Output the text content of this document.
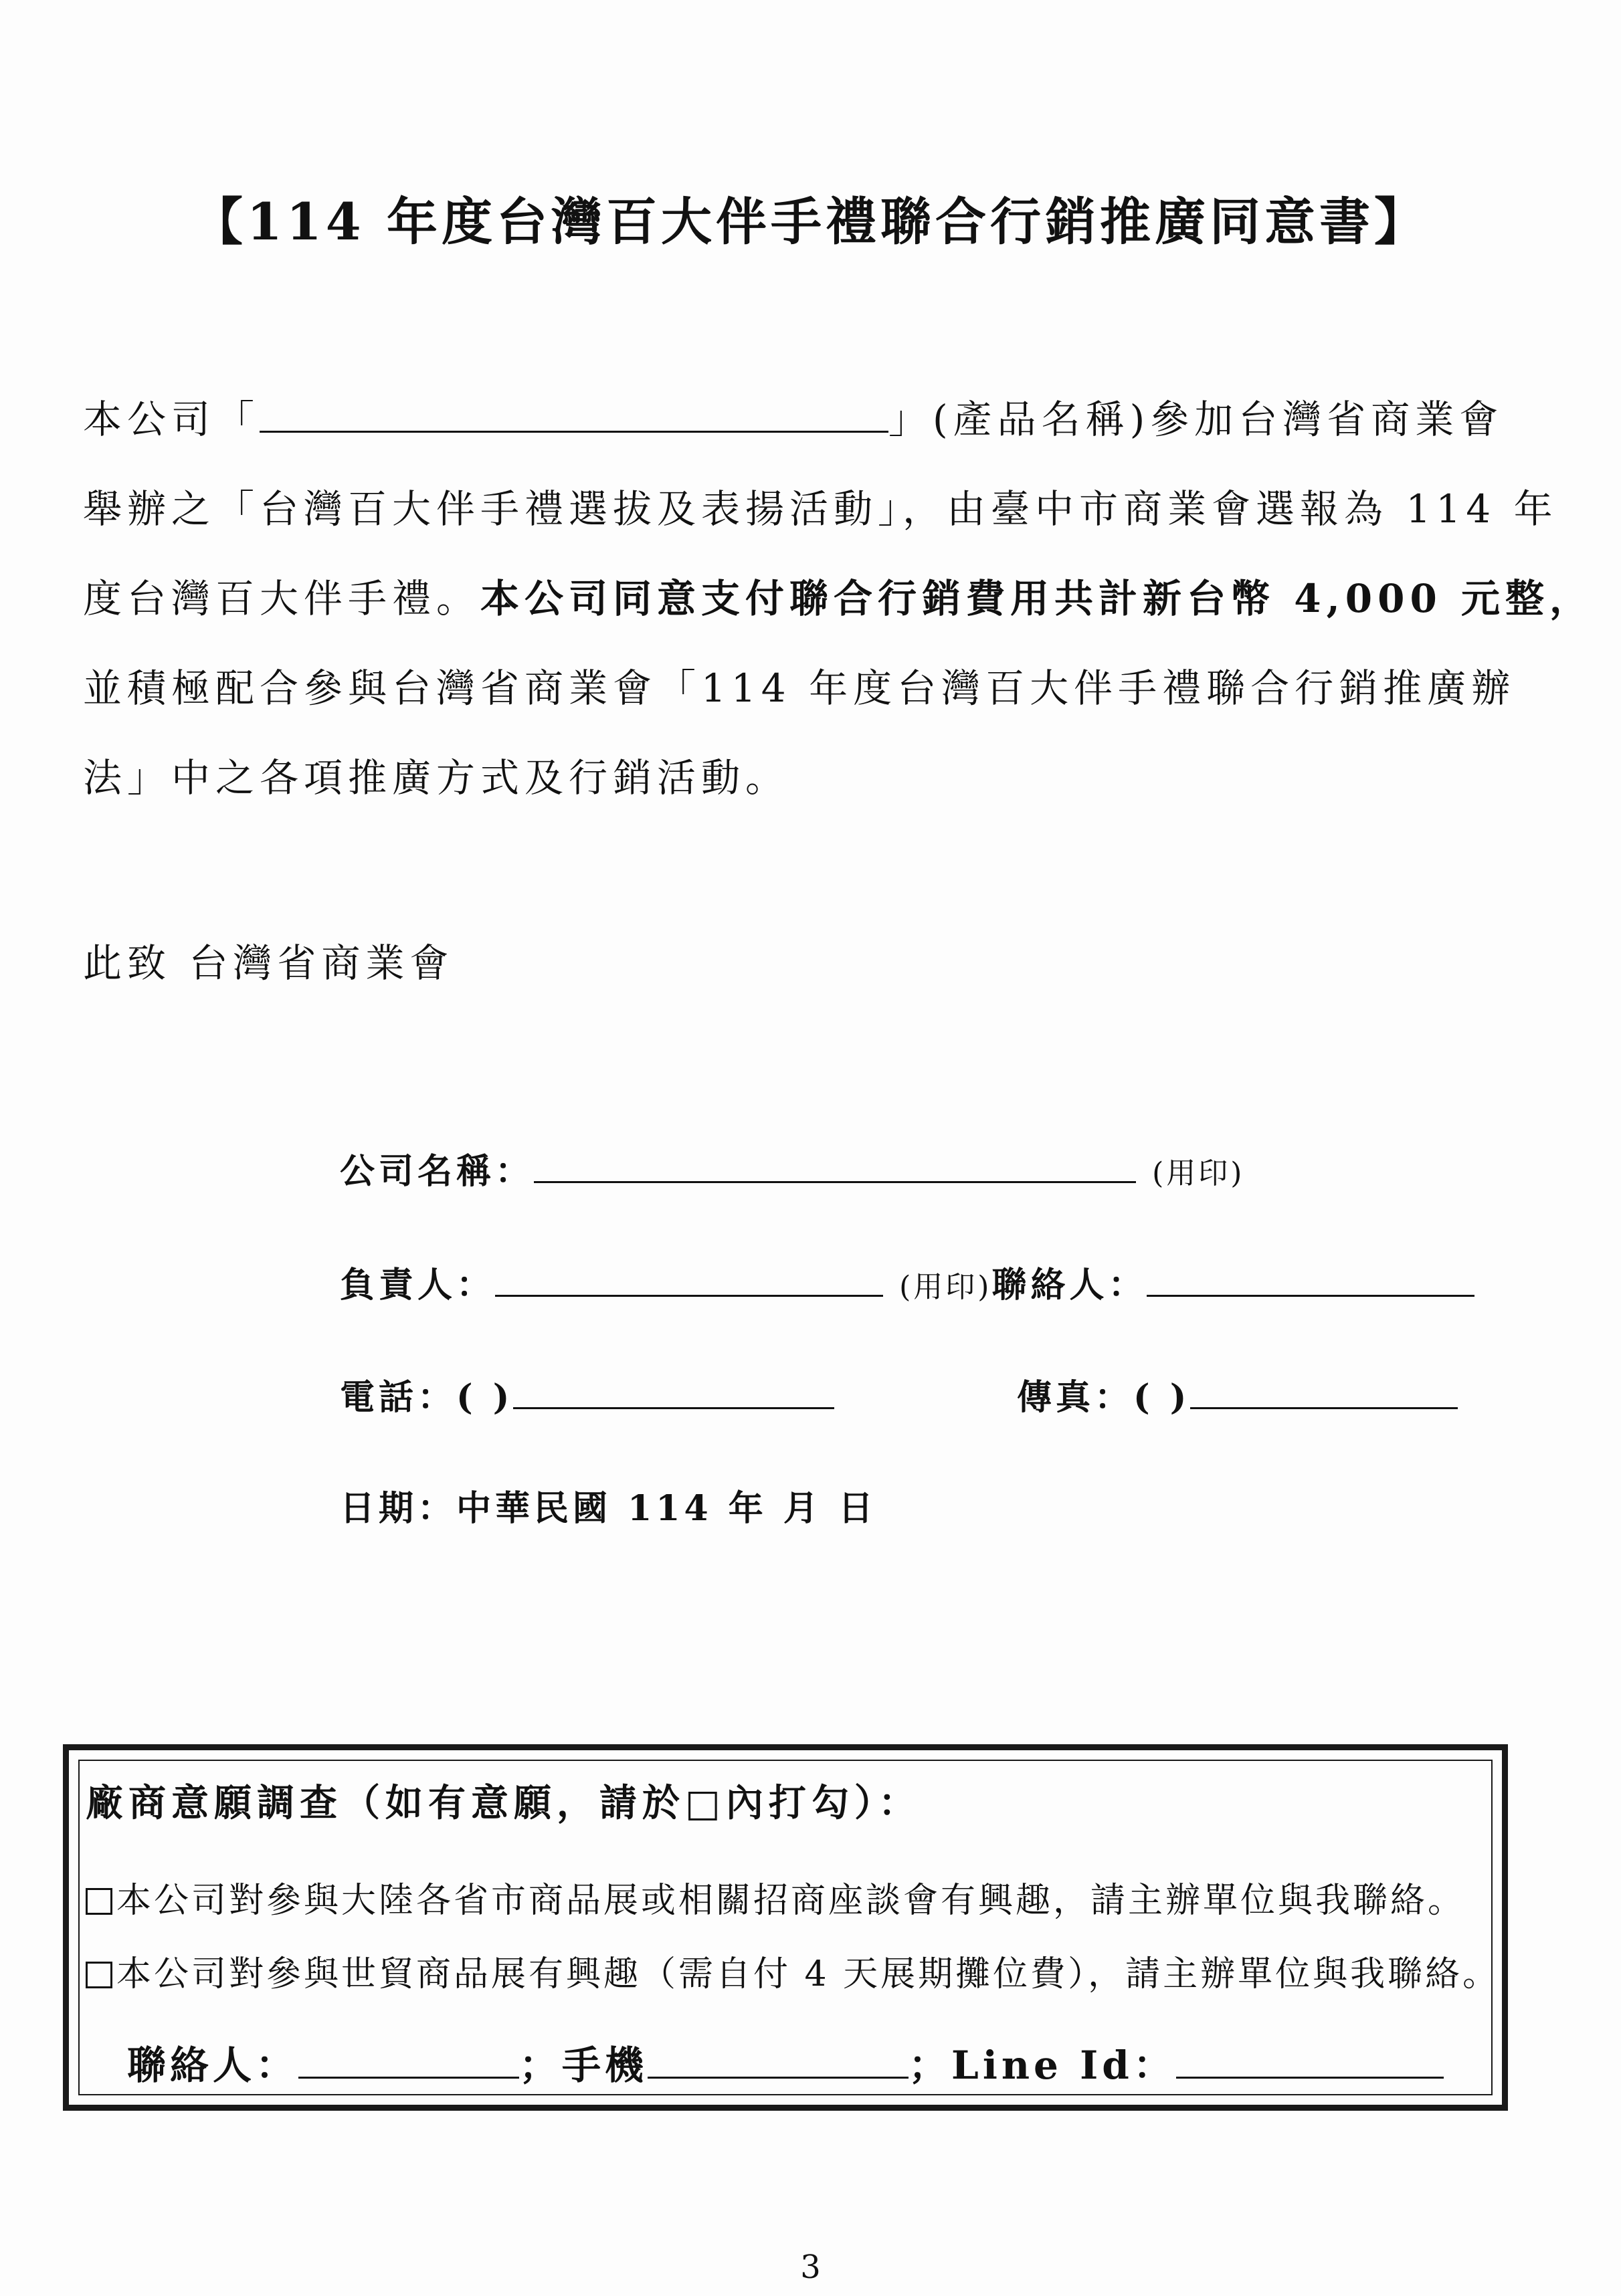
【114 年度台灣百大伴手禮聯合行銷推廣同意書】
本公司「	」(產品名稱)參加台灣省商業會
舉辦之「台灣百大伴手禮選拔及表揚活動」，由臺中市商業會選報為 114 年
度台灣百大伴手禮。本公司同意支付聯合行銷費用共計新台幣 4,000 元整，
並積極配合參與台灣省商業會「114 年度台灣百大伴手禮聯合行銷推廣辦
法」中之各項推廣方式及行銷活動。
此致 台灣省商業會
公司名稱：	(用印)
負責人：	(用印)聯絡人：
電話：( )	傳真：( )
日期：中華民國 114 年 月 日
廠商意願調查（如有意願，請於□內打勾）：
本公司對參與大陸各省市商品展或相關招商座談會有興趣，請主辦單位與我聯絡。
本公司對參與世貿商品展有興趣（需自付 4 天展期攤位費），請主辦單位與我聯絡。
聯絡人：	；手機	；Line Id：
3
